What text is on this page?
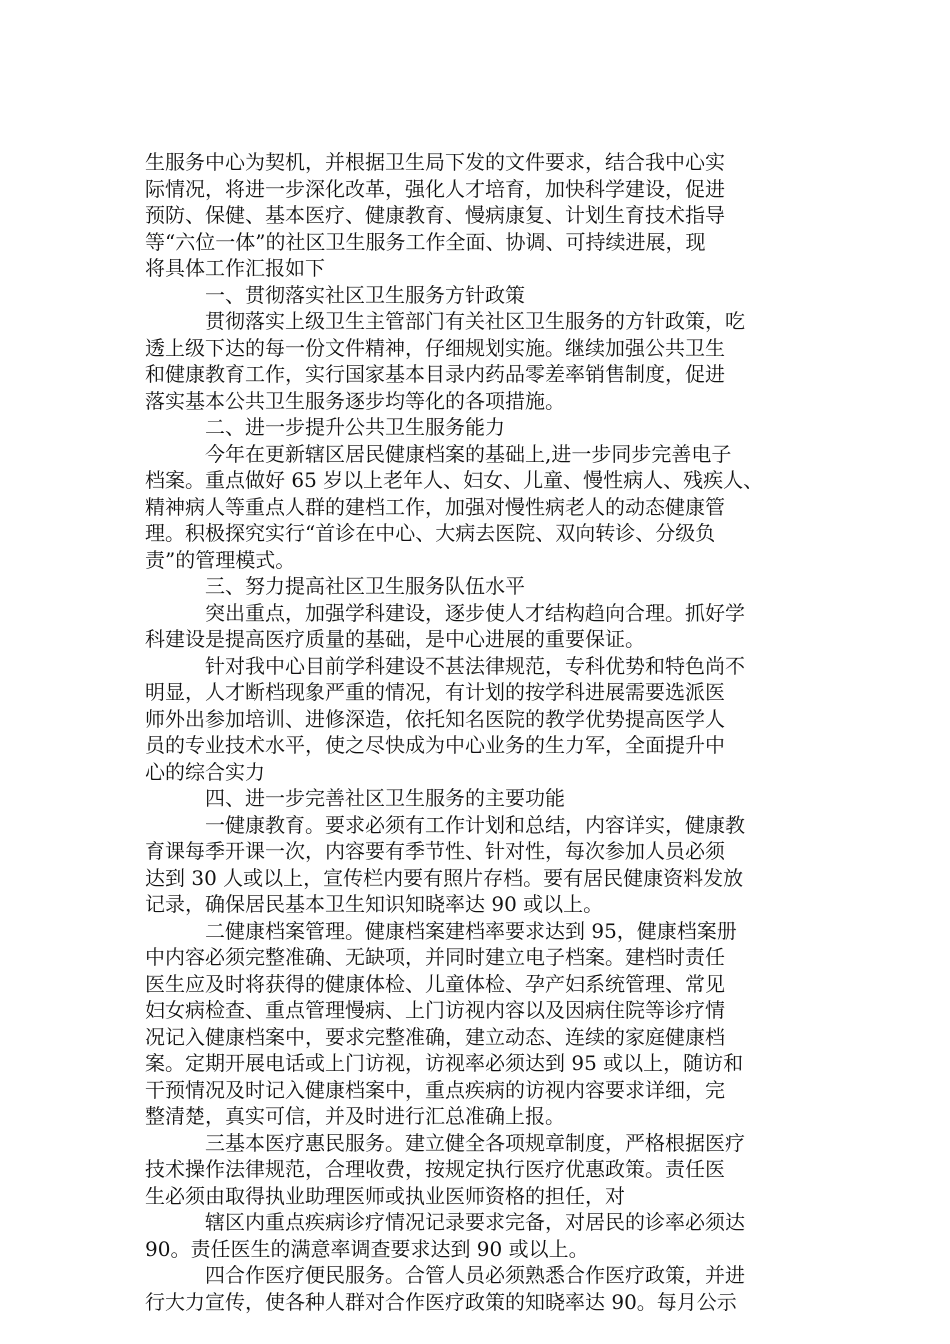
生服务中心为契机，并根据卫生局下发的文件要求，结合我中心实
际情况，将进一步深化改革，强化人才培育，加快科学建设，促进
预防、保健、基本医疗、健康教育、慢病康复、计划生育技术指导
等“六位一体”的社区卫生服务工作全面、协调、可持续进展，现
将具体工作汇报如下
一、贯彻落实社区卫生服务方针政策
贯彻落实上级卫生主管部门有关社区卫生服务的方针政策，吃
透上级下达的每一份文件精神，仔细规划实施。继续加强公共卫生
和健康教育工作，实行国家基本目录内药品零差率销售制度，促进
落实基本公共卫生服务逐步均等化的各项措施。
二、进一步提升公共卫生服务能力
今年在更新辖区居民健康档案的基础上,进一步同步完善电子
档案。重点做好 65 岁以上老年人、妇女、儿童、慢性病人、残疾人、
精神病人等重点人群的建档工作，加强对慢性病老人的动态健康管
理。积极探究实行“首诊在中心、大病去医院、双向转诊、分级负
责”的管理模式。
三、努力提高社区卫生服务队伍水平
突出重点，加强学科建设，逐步使人才结构趋向合理。抓好学
科建设是提高医疗质量的基础，是中心进展的重要保证。
针对我中心目前学科建设不甚法律规范，专科优势和特色尚不
明显，人才断档现象严重的情况，有计划的按学科进展需要选派医
师外出参加培训、进修深造，依托知名医院的教学优势提高医学人
员的专业技术水平，使之尽快成为中心业务的生力军，全面提升中
心的综合实力
四、进一步完善社区卫生服务的主要功能
一健康教育。要求必须有工作计划和总结，内容详实，健康教
育课每季开课一次，内容要有季节性、针对性，每次参加人员必须
达到 30 人或以上，宣传栏内要有照片存档。要有居民健康资料发放
记录，确保居民基本卫生知识知晓率达 90 或以上。
二健康档案管理。健康档案建档率要求达到 95，健康档案册
中内容必须完整准确、无缺项，并同时建立电子档案。建档时责任
医生应及时将获得的健康体检、儿童体检、孕产妇系统管理、常见
妇女病检查、重点管理慢病、上门访视内容以及因病住院等诊疗情
况记入健康档案中，要求完整准确，建立动态、连续的家庭健康档
案。定期开展电话或上门访视，访视率必须达到 95 或以上，随访和
干预情况及时记入健康档案中，重点疾病的访视内容要求详细，完
整清楚，真实可信，并及时进行汇总准确上报。
三基本医疗惠民服务。建立健全各项规章制度，严格根据医疗
技术操作法律规范，合理收费，按规定执行医疗优惠政策。责任医
生必须由取得执业助理医师或执业医师资格的担任，对
辖区内重点疾病诊疗情况记录要求完备，对居民的诊率必须达
90。责任医生的满意率调查要求达到 90 或以上。
四合作医疗便民服务。合管人员必须熟悉合作医疗政策，并进
行大力宣传，使各种人群对合作医疗政策的知晓率达 90。每月公示
